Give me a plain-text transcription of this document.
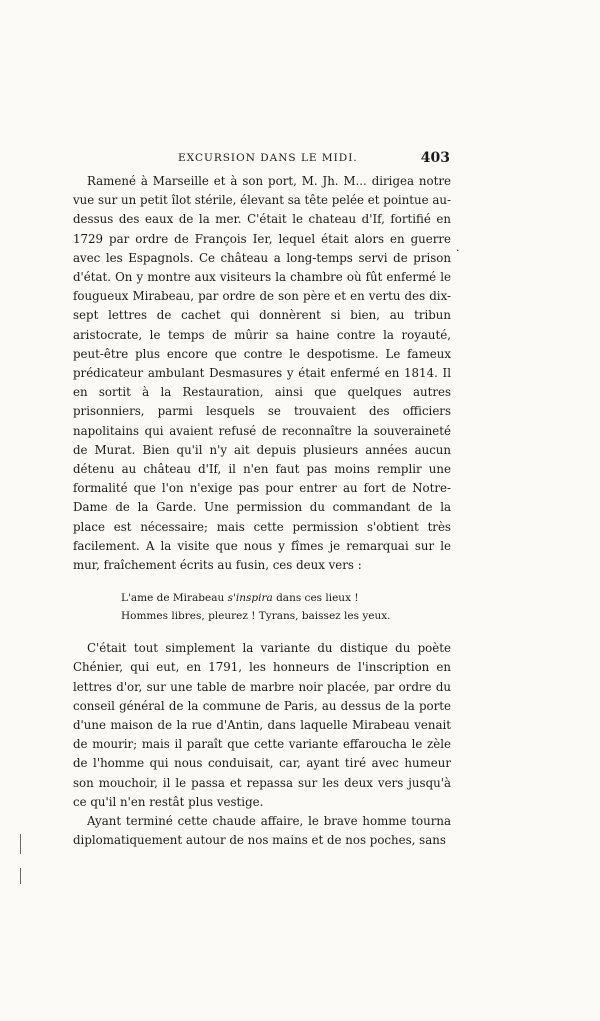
EXCURSION DANS LE MIDI.	403
·

Ramené à Marseille et à son port, M. Jh. M... dirigea notre vue sur un petit îlot stérile, élevant sa tête pelée et pointue au-dessus des eaux de la mer. C'était le chateau d'If, fortifié en 1729 par ordre de François Ier, lequel était alors en guerre avec les Espagnols. Ce château a long-temps servi de prison d'état. On y montre aux visiteurs la chambre où fût enfermé le fougueux Mirabeau, par ordre de son père et en vertu des dix-sept lettres de cachet qui donnèrent si bien, au tribun aristocrate, le temps de mûrir sa haine contre la royauté, peut-être plus encore que contre le despotisme. Le fameux prédicateur ambulant Desmasures y était enfermé en 1814. Il en sortit à la Restauration, ainsi que quelques autres prisonniers, parmi lesquels se trouvaient des officiers napolitains qui avaient refusé de reconnaître la souveraineté de Murat. Bien qu'il n'y ait depuis plusieurs années aucun détenu au château d'If, il n'en faut pas moins remplir une formalité que l'on n'exige pas pour entrer au fort de Notre-Dame de la Garde. Une permission du commandant de la place est nécessaire; mais cette permission s'obtient très facilement. A la visite que nous y fîmes je remarquai sur le mur, fraîchement écrits au fusin, ces deux vers :

L'ame de Mirabeau s'inspira dans ces lieux !
Hommes libres, pleurez ! Tyrans, baissez les yeux.

C'était tout simplement la variante du distique du poète Chénier, qui eut, en 1791, les honneurs de l'inscription en lettres d'or, sur une table de marbre noir placée, par ordre du conseil général de la commune de Paris, au dessus de la porte d'une maison de la rue d'Antin, dans laquelle Mirabeau venait de mourir; mais il paraît que cette variante effaroucha le zèle de l'homme qui nous conduisait, car, ayant tiré avec humeur son mouchoir, il le passa et repassa sur les deux vers jusqu'à ce qu'il n'en restât plus vestige.

Ayant terminé cette chaude affaire, le brave homme tourna diplomatiquement autour de nos mains et de nos poches, sans
